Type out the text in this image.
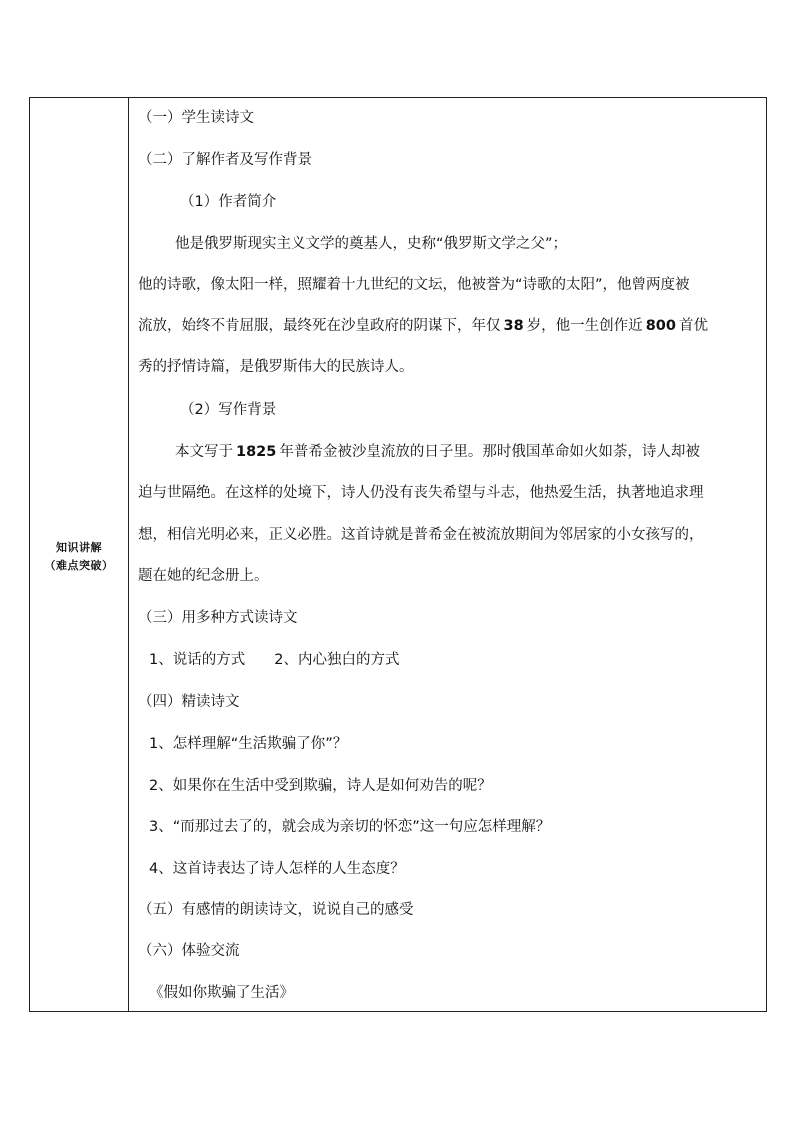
知识讲解
（难点突破）
（一）学生读诗文
（二）了解作者及写作背景
（1）作者简介
他是俄罗斯现实主义文学的奠基人，史称“俄罗斯文学之父”；
他的诗歌，像太阳一样，照耀着十九世纪的文坛，他被誉为“诗歌的太阳”，他曾两度被
流放，始终不肯屈服，最终死在沙皇政府的阴谋下，年仅 38 岁，他一生创作近 800 首优
秀的抒情诗篇，是俄罗斯伟大的民族诗人。
（2）写作背景
本文写于 1825 年普希金被沙皇流放的日子里。那时俄国革命如火如荼，诗人却被
迫与世隔绝。在这样的处境下，诗人仍没有丧失希望与斗志，他热爱生活，执著地追求理
想，相信光明必来，正义必胜。这首诗就是普希金在被流放期间为邻居家的小女孩写的，
题在她的纪念册上。
（三）用多种方式读诗文
1、说话的方式　　2、内心独白的方式
（四）精读诗文
1、怎样理解“生活欺骗了你”？
2、如果你在生活中受到欺骗，诗人是如何劝告的呢？
3、“而那过去了的，就会成为亲切的怀恋”这一句应怎样理解？
4、这首诗表达了诗人怎样的人生态度？
（五）有感情的朗读诗文，说说自己的感受
（六）体验交流
《假如你欺骗了生活》
